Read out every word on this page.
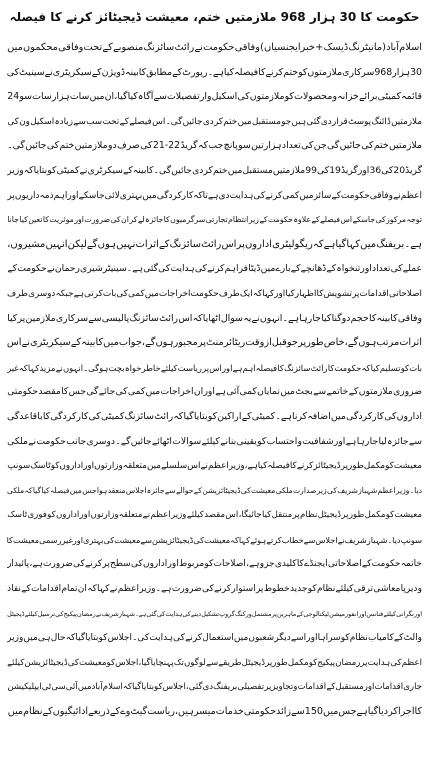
حکومت کا 30 ہزار 968 ملازمتیں ختم، معیشت ڈیجیٹائز کرنے کا فیصلہ
اسلام
آباد
(مانیٹرنگ
ڈیسک
+
خبرایجنسیاں)
وفاقی
حکومت
نے
رائٹ
سائزنگ
منصوبے
کے
تحت
وفاقی
محکموں
میں
30
ہزار
968
سرکاری
ملازمتوں
کو
ختم
کرنے
کا
فیصلہ
کیا
ہے۔
رپورٹ
کے
مطابق
کابینہ
ڈویژن
کے
سیکریٹری
نے
سینیٹ
کی
قائمہ
کمیٹی
برائے
خزانہ
و
محصولات
کو
ملازمتوں
کی
اسکیل
وار
تفصیلات
سے
آگاہ
کیا
گیا،
ان
میں
سات
ہزار
سات
سو
24
ملازمتیں
ڈائنگ
پوسٹ
قرار
دی
گئی
ہیں
جو
مستقبل
میں
ختم
کر
دی
جائیں
گی۔
اس
فیصلے
کے
تحت
سب
سے
زیادہ
اسکیل
ون
کی
ملازمتیں
ختم
کی
جائیں
گی
جن
کی
تعداد
ہزارتین
سو
پانچ
جب
کہ
گریڈ
21-22
کی
صرف
دو
ملازمتیں
ختم
کی
جائیں
گی۔
گریڈ
20
کی
36
اور
گریڈ
19
کی
99
ملازمتیں
مستقبل
میں
ختم
کر
دی
جائیں
گی۔
کابینہ
کے
سیکرٹری
نے
کمیٹی
کو
بتایا
کہ
وزیر
اعظم
نے
وفاقی
حکومت
کے
سائز
میں
کمی
کرنے
کی
ہدایت
دی
ہے
تا
کہ
کارکردگی
میں
بہتری
لائی
جاسکے
اور
اہم
ذمہ
داریوں
پر
توجہ
مرکوز
کی
جاسکے
اس
فیصلے
کے
علاوہ
حکومت
کے
زیر
انتظام
تجارتی
سرگرمیوں
کا
جائزہ
لے
کر
ان
کی
ضرورت
اور
موثریت
کا
تعین
کیا
جانا
ہے۔
بریفنگ
میں
کہا
گیا
ہے
کہ
ریگولیٹری
اداروں
پر
اس
رائٹ
سائزنگ
کے
اثرات
نہیں
ہوں
گے
لیکن
انہیں
مشیروں،
عملے
کی
تعداد
اور
تنخواہ
کے
ڈھانچے
کے
بارے
میں
ڈیٹا
فراہم
کرنے
کی
ہدایت
کی
گئی
ہے۔
سینیٹر
شیری
رحمان
نے
حکومت
کے
اصلاحاتی
اقدامات
پر
تشویش
کا
اظہار
کیا
اور
کہا
کہ
ایک
طرف
حکومت
اخراجات
میں
کمی
کی
بات
کرتی
ہے
جبکہ
دوسری
طرف
وفاقی
کابینہ
کا
حجم
دوگنا
کیا
جا
رہا
ہے۔
انہوں
نے
یہ
سوال
اٹھایا
کہ
اس
رائٹ
سائزنگ
پالیسی
سے
سرکاری
ملازمین
پر
کیا
اثرات
مرتب
ہوں
گے،
خاص
طور
پر
جو
قبل
از
وقت
ریٹائرمنٹ
پر
مجبور
ہوں
گے،
جواب
میں
کابینہ
کے
سیکریٹری
نے
اس
بات
کو
تسلیم
کیا
کہ
حکومت
کا
رائٹ
سائزنگ
کا
فیصلہ
اہم
ہے
اور
اس
پر
ریاست
کیلئے
خاطر
خواہ
بچت
ہوگی۔
انہوں
نے
مزید
کہا
کہ
غیر
ضروری
ملازمتوں
کے
خاتمے
سے
بجٹ
میں
نمایاں
کمی
آئی
ہے
اور
ان
اخراجات
میں
کمی
کی
جائے
گی
جس
کا
مقصد
حکومتی
اداروں
کی
کارکردگی
میں
اضافہ
کرنا
ہے۔
کمیٹی
کے
اراکین
کو
بتایا
گیا
کہ
رائٹ
سائزنگ
کمیٹی
کی
کارکردگی
کا
باقاعدگی
سے
جائزہ
لیا
جا
رہا
ہے
اور
شفافیت
و
احتساب
کو
یقینی
بنانے
کیلئے
سوالات
اٹھائے
جائیں
گے۔
دوسری
جانب
حکومت
نے
ملکی
معیشت
کو
مکمل
طور
پر
ڈیجیٹائز
کرنے
کا
فیصلہ
کیا
ہے،
وزیر
اعظم
نے
اس
سلسلے
میں
متعلقہ
وزارتوں
اور
اداروں
کو
ٹاسک
سونپ
دیا۔
وزیر
اعظم
شہباز
شریف
کی
زیر
صدارت
ملکی
معیشت
کی
ڈیجیٹائزیشن
کے
حوالے
سے
جائزہ
اجلاس
منعقد
ہوا
جس
میں
فیصلہ
کیا
گیا
کہ
ملکی
معیشت
کو
مکمل
طور
پر
ڈیجیٹل
نظام
پر
منتقل
کیا
جائیگا،
اس
مقصد
کیلئے
وزیر
اعظم
نے
متعلقہ
وزارتوں
اور
اداروں
کو
فوری
ٹاسک
سونپ
دیا۔
شہباز
شریف
نے
اجلاس
سے
خطاب
کرتے
ہوئے
کہا
کہ
معیشت
کی
ڈیجیٹائزیشن
سے
معیشت
کی
بہتری
اور
غیر
رسمی
معیشت
کا
خاتمہ
حکومت
کے
اصلاحاتی
ایجنڈے
کا
کلیدی
جزو
ہے،
اصلاحات
کو
مربوط
اور
اداروں
کی
سطح
پر
کرنے
کی
ضرورت
ہے،
پائیدار
و
دیرپا
معاشی
ترقی
کیلئے
نظام
کو
جدید
خطوط
پر
استوار
کرنے
کی
ضرورت
ہے۔
وزیر
اعظم
نے
کہا
کہ
ان
تمام
اقدامات
کے
نفاذ
اور
نگرانی
کیلئے
فنانس
اور
انفورمیشن
ٹیکنالوجی
کے
ماہرین
پر
مشتمل
ورکنگ
گروپ
تشکیل
دینے
کی
ہدایت
کی
گئی
ہے۔
شہباز
شریف
نے
رمضان
پیکیج
کی
ترسیل
کیلئے
ڈیجیٹل
والٹ
کے
کامیاب
نظام
کو
سراہا
اور
اسے
دیگر
شعبوں
میں
استعمال
کرنے
کی
ہدایت
کی۔
اجلاس
کو
بتایا
گیا
کہ
حال
ہی
میں
وزیر
اعظم
کی
ہدایت
پر
رمضان
پیکیج
کو
مکمل
طور
پر
ڈیجیٹل
طریقے
سے
لوگوں
تک
پہنچایا
گیا،
اجلاس
کو
معیشت
کی
ڈیجیٹائزیشن
کیلئے
جاری
اقدامات
اور
مستقبل
کے
اقدامات
و
تجاویز
پر
تفصیلی
بریفنگ
دی
گئی،
اجلاس
کو
بتایا
گیا
کہ
اسلام
آباد
میں
آئی
سی
ٹی
ایپلیکیشن
کا
اجرا
کر
دیا
گیا
ہے
جس
میں
150
سے
زائد
حکومتی
خدمات
میسر
ہیں،
ریاست
گیٹ
وے
کے
ذریعے
ادائیگیوں
کے
نظام
میں
